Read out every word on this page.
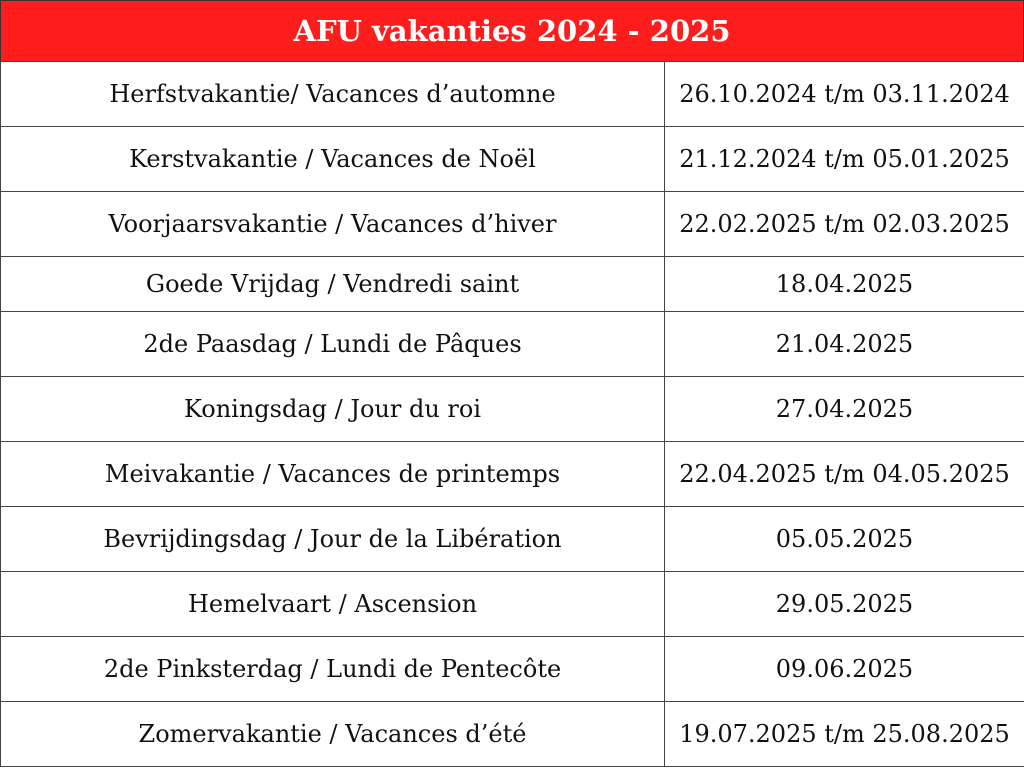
AFU vakanties 2024 - 2025
Herfstvakantie/ Vacances d’automne	26.10.2024 t/m 03.11.2024
Kerstvakantie / Vacances de Noël	21.12.2024 t/m 05.01.2025
Voorjaarsvakantie / Vacances d’hiver	22.02.2025 t/m 02.03.2025
Goede Vrijdag / Vendredi saint	18.04.2025
2de Paasdag / Lundi de Pâques	21.04.2025
Koningsdag / Jour du roi	27.04.2025
Meivakantie / Vacances de printemps	22.04.2025 t/m 04.05.2025
Bevrijdingsdag / Jour de la Libération	05.05.2025
Hemelvaart / Ascension	29.05.2025
2de Pinksterdag / Lundi de Pentecôte	09.06.2025
Zomervakantie / Vacances d’été	19.07.2025 t/m 25.08.2025
